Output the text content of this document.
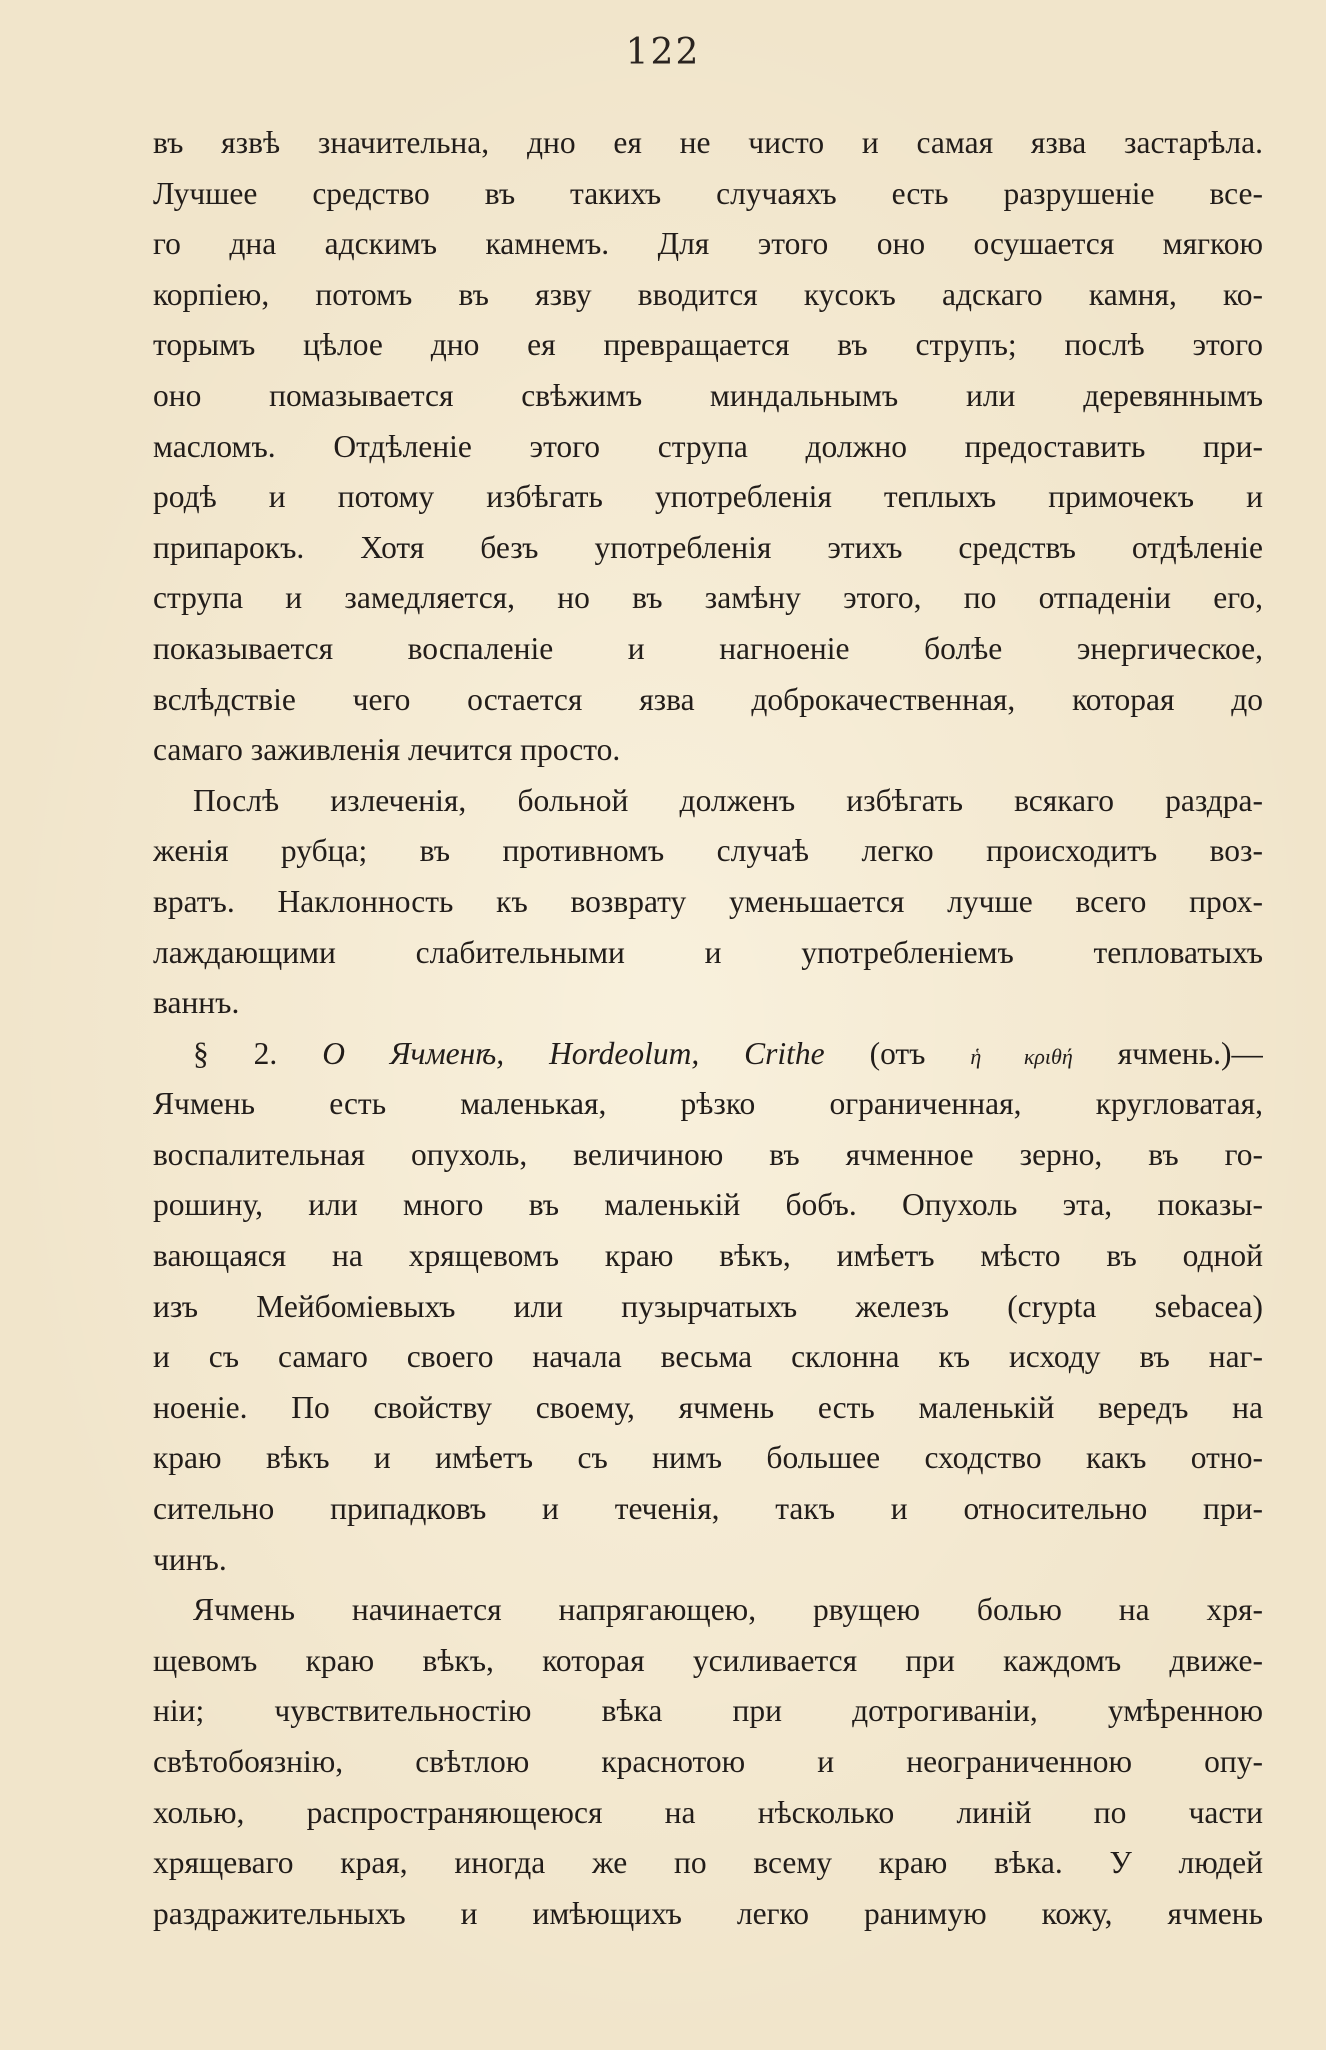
122
въ язвѣ значительна, дно ея не чисто и самая язва застарѣла.
Лучшее средство въ такихъ случаяхъ есть разрушеніе все-
го дна адскимъ камнемъ. Для этого оно осушается мягкою
корпіею, потомъ въ язву вводится кусокъ адскаго камня, ко-
торымъ цѣлое дно ея превращается въ струпъ; послѣ этого
оно помазывается свѣжимъ миндальнымъ или деревяннымъ
масломъ. Отдѣленіе этого струпа должно предоставить при-
родѣ и потому избѣгать употребленія теплыхъ примочекъ и
припарокъ. Хотя безъ употребленія этихъ средствъ отдѣленіе
струпа и замедляется, но въ замѣну этого, по отпаденіи его,
показывается воспаленіе и нагноеніе болѣе энергическое,
вслѣдствіе чего остается язва доброкачественная, которая до
самаго заживленія лечится просто.
Послѣ излеченія, больной долженъ избѣгать всякаго раздра-
женія рубца; въ противномъ случаѣ легко происходитъ воз-
вратъ. Наклонность къ возврату уменьшается лучше всего прох-
лаждающими слабительными и употребленіемъ тепловатыхъ
ваннъ.
§ 2. О Ячменѣ, Hordeolum, Crithe (отъ ἡ κριθή ячмень.)—
Ячмень есть маленькая, рѣзко ограниченная, кругловатая,
воспалительная опухоль, величиною въ ячменное зерно, въ го-
рошину, или много въ маленькій бобъ. Опухоль эта, показы-
вающаяся на хрящевомъ краю вѣкъ, имѣетъ мѣсто въ одной
изъ Мейбоміевыхъ или пузырчатыхъ железъ (crypta sebacea)
и съ самаго своего начала весьма склонна къ исходу въ наг-
ноеніе. По свойству своему, ячмень есть маленькій вередъ на
краю вѣкъ и имѣетъ съ нимъ большее сходство какъ отно-
сительно припадковъ и теченія, такъ и относительно при-
чинъ.
Ячмень начинается напрягающею, рвущею болью на хря-
щевомъ краю вѣкъ, которая усиливается при каждомъ движе-
ніи; чувствительностію вѣка при дотрогиваніи, умѣренною
свѣтобоязнію, свѣтлою краснотою и неограниченною опу-
холью, распространяющеюся на нѣсколько линій по части
хрящеваго края, иногда же по всему краю вѣка. У людей
раздражительныхъ и имѣющихъ легко ранимую кожу, ячмень
